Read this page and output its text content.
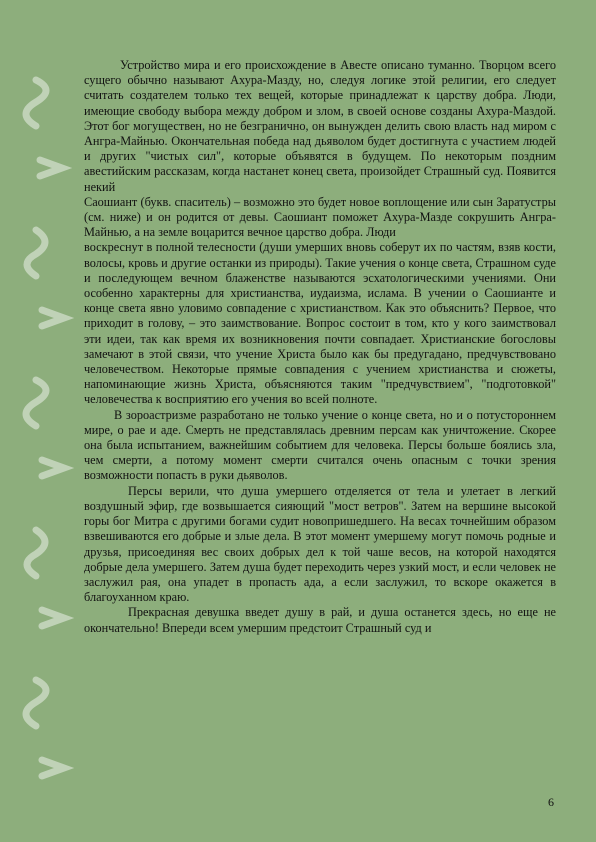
Устройство мира и его происхождение в Авесте описано туманно. Творцом всего сущего обычно называют Ахура-Мазду, но, следуя логике этой религии, его следует считать создателем только тех вещей, которые принадлежат к царству добра. Люди, имеющие свободу выбора между добром и злом, в своей основе созданы Ахура-Маздой. Этот бог могуществен, но не безгранично, он вынужден делить свою власть над миром с Ангра-Майнью. Окончательная победа над дьяволом будет достигнута с участием людей и других "чистых сил", которые объявятся в будущем. По некоторым поздним авестийским рассказам, когда настанет конец света, произойдет Страшный суд. Появится некий

Саошиант (букв. спаситель) – возможно это будет новое воплощение или сын Заратустры (см. ниже) и он родится от девы. Саошиант поможет Ахура-Мазде сокрушить Ангра-Майнью, а на земле воцарится вечное царство добра. Люди

воскреснут в полной телесности (души умерших вновь соберут их по частям, взяв кости, волосы, кровь и другие останки из природы). Такие учения о конце света, Страшном суде и последующем вечном блаженстве называются эсхатологическими учениями. Они особенно характерны для христианства, иудаизма, ислама. В учении о Саошианте и конце света явно уловимо совпадение с христианством. Как это объяснить? Первое, что приходит в голову, – это заимствование. Вопрос состоит в том, кто у кого заимствовал эти идеи, так как время их возникновения почти совпадает. Христианские богословы замечают в этой связи, что учение Христа было как бы предугадано, предчувствовано человечеством. Некоторые прямые совпадения с учением христианства и сюжеты, напоминающие жизнь Христа, объясняются таким "предчувствием", "подготовкой" человечества к восприятию его учения во всей полноте.

В зороастризме разработано не только учение о конце света, но и о потустороннем мире, о рае и аде. Смерть не представлялась древним персам как уничтожение. Скорее она была испытанием, важнейшим событием для человека. Персы больше боялись зла, чем смерти, а потому момент смерти считался очень опасным с точки зрения возможности попасть в руки дьяволов.

Персы верили, что душа умершего отделяется от тела и улетает в легкий воздушный эфир, где возвышается сияющий "мост ветров". Затем на вершине высокой горы бог Митра с другими богами судит новопришедшего. На весах точнейшим образом взвешиваются его добрые и злые дела. В этот момент умершему могут помочь родные и друзья, присоединяя вес своих добрых дел к той чаше весов, на которой находятся добрые дела умершего. Затем душа будет переходить через узкий мост, и если человек не заслужил рая, она упадет в пропасть ада, а если заслужил, то вскоре окажется в благоуханном краю.

Прекрасная девушка введет душу в рай, и душа останется здесь, но еще не окончательно! Впереди всем умершим предстоит Страшный суд и

6
